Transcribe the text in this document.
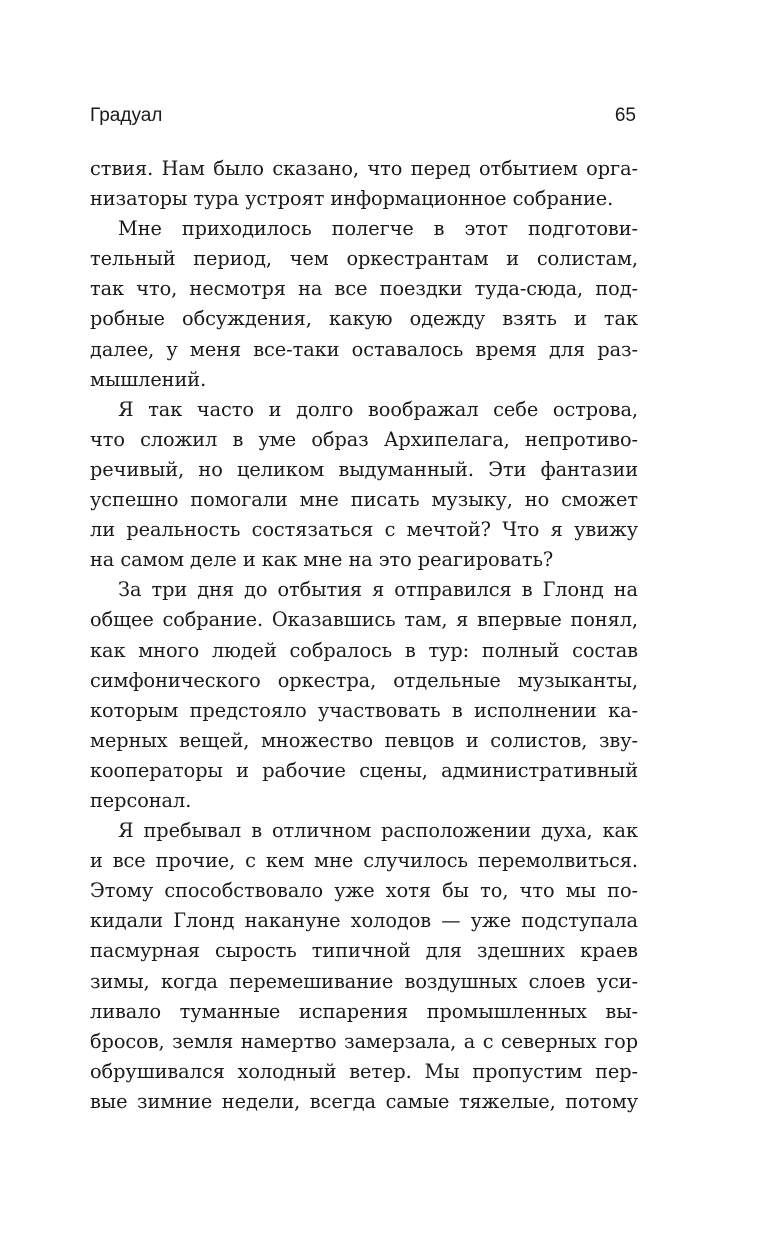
Градуал	65
ствия. Нам было сказано, что перед отбытием орга-
низаторы тура устроят информационное собрание.
Мне приходилось полегче в этот подготови-
тельный период, чем оркестрантам и солистам,
так что, несмотря на все поездки туда-сюда, под-
робные обсуждения, какую одежду взять и так
далее, у меня все-таки оставалось время для раз-
мышлений.
Я так часто и долго воображал себе острова,
что сложил в уме образ Архипелага, непротиво-
речивый, но целиком выдуманный. Эти фантазии
успешно помогали мне писать музыку, но сможет
ли реальность состязаться с мечтой? Что я увижу
на самом деле и как мне на это реагировать?
За три дня до отбытия я отправился в Глонд на
общее собрание. Оказавшись там, я впервые понял,
как много людей собралось в тур: полный состав
симфонического оркестра, отдельные музыканты,
которым предстояло участвовать в исполнении ка-
мерных вещей, множество певцов и солистов, зву-
кооператоры и рабочие сцены, административный
персонал.
Я пребывал в отличном расположении духа, как
и все прочие, с кем мне случилось перемолвиться.
Этому способствовало уже хотя бы то, что мы по-
кидали Глонд накануне холодов — уже подступала
пасмурная сырость типичной для здешних краев
зимы, когда перемешивание воздушных слоев уси-
ливало туманные испарения промышленных вы-
бросов, земля намертво замерзала, а с северных гор
обрушивался холодный ветер. Мы пропустим пер-
вые зимние недели, всегда самые тяжелые, потому
